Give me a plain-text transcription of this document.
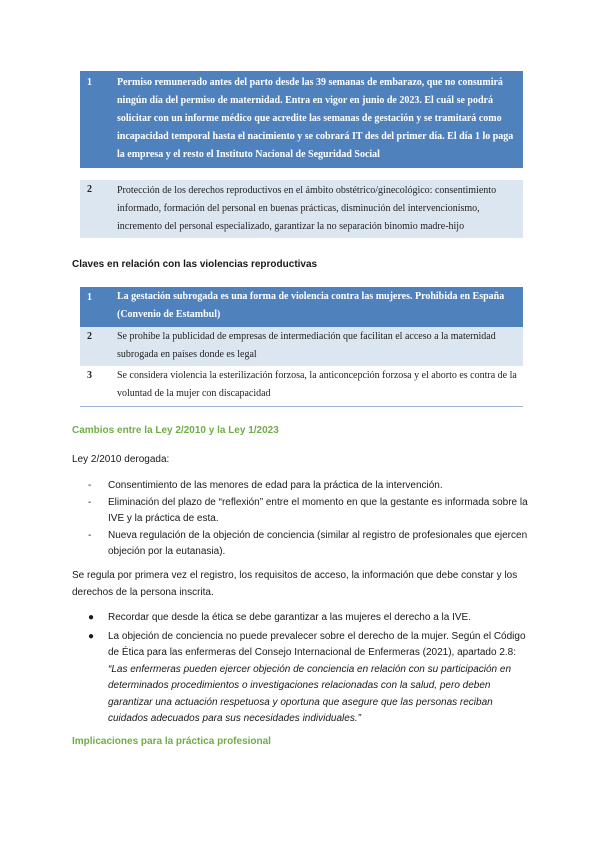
1	Permiso remunerado antes del parto desde las 39 semanas de embarazo, que no consumirá ningún día del permiso de maternidad. Entra en vigor en junio de 2023. El cuál se podrá solicitar con un informe médico que acredite las semanas de gestación y se tramitará como incapacidad temporal hasta el nacimiento y se cobrará IT des del primer día. El día 1 lo paga la empresa y el resto el Instituto Nacional de Seguridad Social

2	Protección de los derechos reproductivos en el ámbito obstétrico/ginecológico: consentimiento informado, formación del personal en buenas prácticas, disminución del intervencionismo, incremento del personal especializado, garantizar la no separación binomio madre-hijo
Claves en relación con las violencias reproductivas
1	La gestación subrogada es una forma de violencia contra las mujeres. Prohibida en España (Convenio de Estambul)
2	Se prohíbe la publicidad de empresas de intermediación que facilitan el acceso a la maternidad subrogada en países donde es legal
3	Se considera violencia la esterilización forzosa, la anticoncepción forzosa y el aborto es contra de la voluntad de la mujer con discapacidad
Cambios entre la Ley 2/2010 y la Ley 1/2023
Ley 2/2010 derogada:
- Consentimiento de las menores de edad para la práctica de la intervención.
- Eliminación del plazo de “reflexión” entre el momento en que la gestante es informada sobre la IVE y la práctica de esta.
- Nueva regulación de la objeción de conciencia (similar al registro de profesionales que ejercen objeción por la eutanasia).
Se regula por primera vez el registro, los requisitos de acceso, la información que debe constar y los derechos de la persona inscrita.
● Recordar que desde la ética se debe garantizar a las mujeres el derecho a la IVE.
● La objeción de conciencia no puede prevalecer sobre el derecho de la mujer. Según el Código de Ética para las enfermeras del Consejo Internacional de Enfermeras (2021), apartado 2.8: “Las enfermeras pueden ejercer objeción de conciencia en relación con su participación en determinados procedimientos o investigaciones relacionadas con la salud, pero deben garantizar una actuación respetuosa y oportuna que asegure que las personas reciban cuidados adecuados para sus necesidades individuales.”
Implicaciones para la práctica profesional
